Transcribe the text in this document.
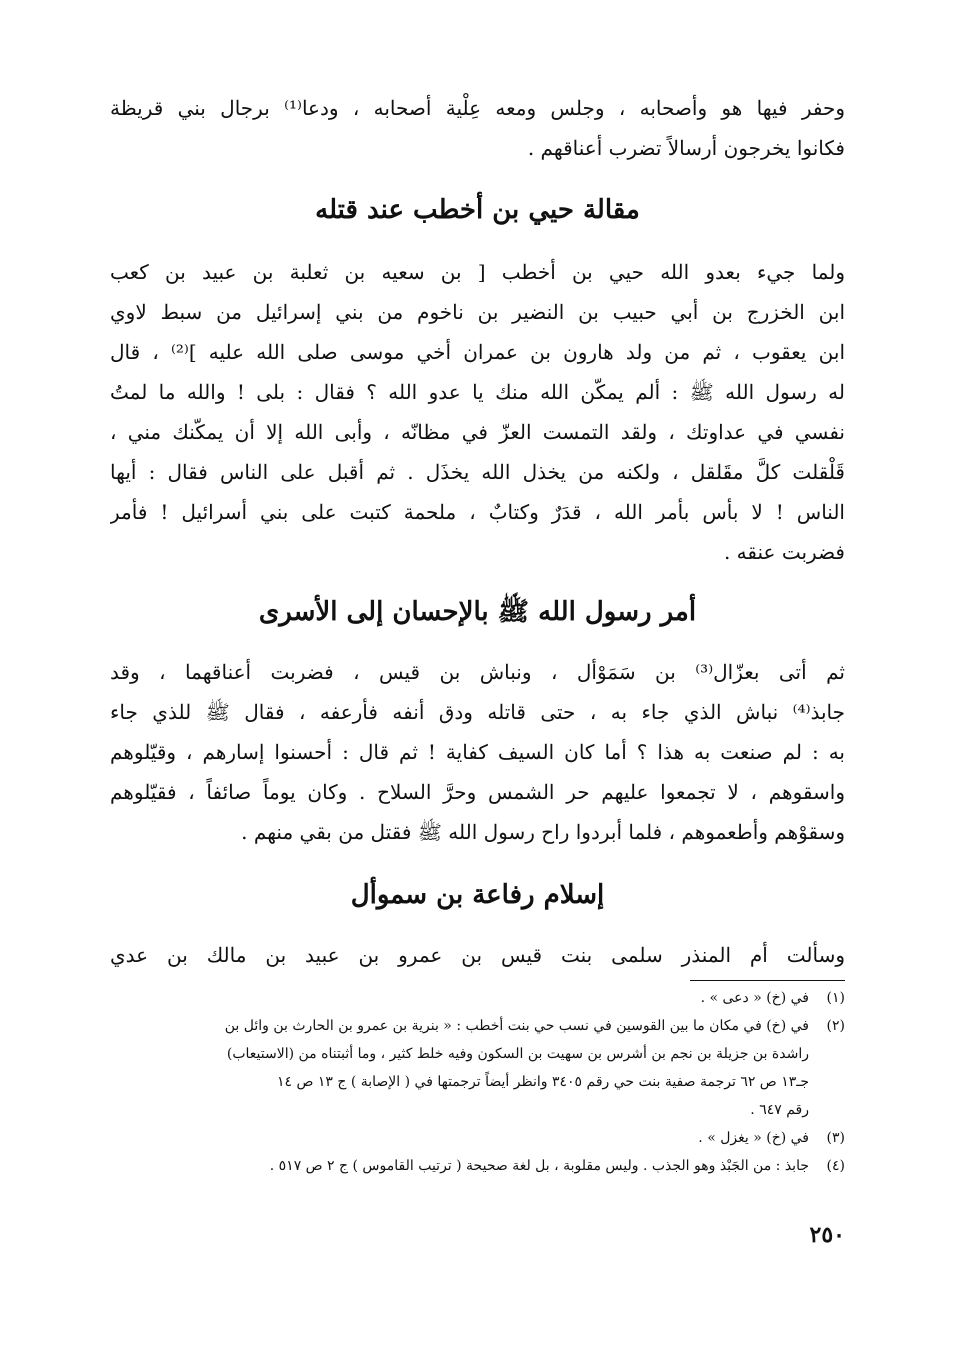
وحفر فيها هو وأصحابه ، وجلس ومعه عِلْية أصحابه ، ودعا⁽¹⁾ برجال بني قريظة
فكانوا يخرجون أرسالاً تضرب أعناقهم .
مقالة حيي بن أخطب عند قتله
ولما جيء بعدو الله حيي بن أخطب [ بن سعيه بن ثعلبة بن عبيد بن كعب
ابن الخزرج بن أبي حبيب بن النضير بن ناخوم من بني إسرائيل من سبط لاوي
ابن يعقوب ، ثم من ولد هارون بن عمران أخي موسى صلى الله عليه ]⁽²⁾ ، قال
له رسول الله ﷺ : ألم يمكّن الله منك يا عدو الله ؟ فقال : بلى ! والله ما لمتُ
نفسي في عداوتك ، ولقد التمست العزّ في مظانّه ، وأبى الله إلا أن يمكّنك مني ،
قَلْقلت كلَّ مقَلقل ، ولكنه من يخذل الله يخذَل . ثم أقبل على الناس فقال : أيها
الناس ! لا بأس بأمر الله ، قدَرٌ وكتابٌ ، ملحمة كتبت على بني أسرائيل ! فأمر
فضربت عنقه .
أمر رسول الله ﷺ بالإحسان إلى الأسرى
ثم أتى بعزّال⁽³⁾ بن سَمَوْأل ، ونباش بن قيس ، فضربت أعناقهما ، وقد
جابذ⁽⁴⁾ نباش الذي جاء به ، حتى قاتله ودق أنفه فأرعفه ، فقال ﷺ للذي جاء
به : لم صنعت به هذا ؟ أما كان السيف كفاية ! ثم قال : أحسنوا إسارهم ، وقيّلوهم
واسقوهم ، لا تجمعوا عليهم حر الشمس وحرَّ السلاح . وكان يوماً صائفاً ، فقيّلوهم
وسقوْهم وأطعموهم ، فلما أبردوا راح رسول الله ﷺ فقتل من بقي منهم .
إسلام رفاعة بن سموأل
وسألت أم المنذر سلمى بنت قيس بن عمرو بن عبيد بن مالك بن عدي
(١)
في (خ) « دعى » .
(٢)
في (خ) في مكان ما بين القوسين في نسب حي بنت أخطب : « بنرية بن عمرو بن الحارث بن وائل بن
راشدة بن جزيلة بن نجم بن أشرس بن سهيت بن السكون وفيه خلط كثير ، وما أثبتناه من (الاستيعاب)
جـ١٣ ص ٦٢ ترجمة صفية بنت حي رقم ٣٤٠٥ وانظر أيضاً ترجمتها في ( الإصابة ) ج ١٣ ص ١٤
رقم ٦٤٧ .
(٣)
في (خ) « يغزل » .
(٤)
جابذ : من الجَبْذ وهو الجذب . وليس مقلوبة ، بل لغة صحيحة ( ترتيب القاموس ) ج ٢ ص ٥١٧ .
٢٥٠
